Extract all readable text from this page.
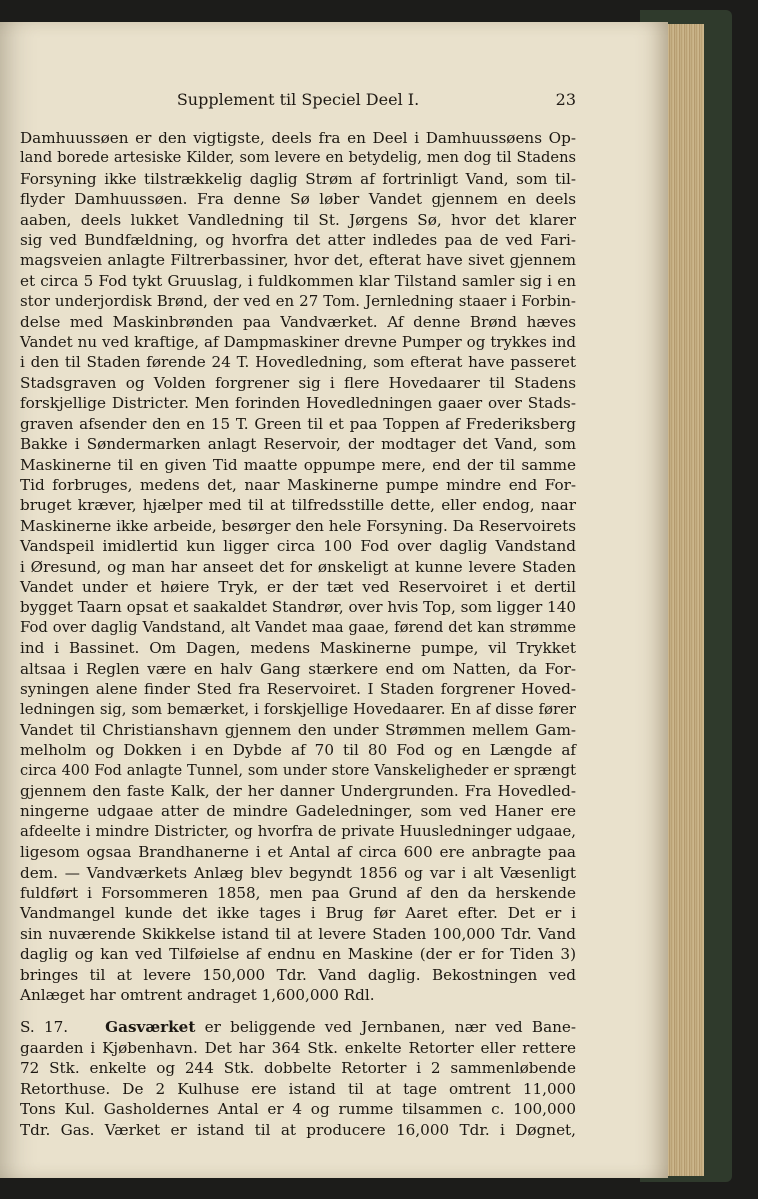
Supplement til Speciel Deel I.	23

Damhuussøen er den vigtigste, deels fra en Deel i Damhuussøens Op-
land borede artesiske Kilder, som levere en betydelig, men dog til Stadens
Forsyning ikke tilstrækkelig daglig Strøm af fortrinligt Vand, som til-
flyder Damhuussøen. Fra denne Sø løber Vandet gjennem en deels
aaben, deels lukket Vandledning til St. Jørgens Sø, hvor det klarer
sig ved Bundfældning, og hvorfra det atter indledes paa de ved Fari-
magsveien anlagte Filtrerbassiner, hvor det, efterat have sivet gjennem
et circa 5 Fod tykt Gruuslag, i fuldkommen klar Tilstand samler sig i en
stor underjordisk Brønd, der ved en 27 Tom. Jernledning staaer i Forbin-
delse med Maskinbrønden paa Vandværket. Af denne Brønd hæves
Vandet nu ved kraftige, af Dampmaskiner drevne Pumper og trykkes ind
i den til Staden førende 24 T. Hovedledning, som efterat have passeret
Stadsgraven og Volden forgrener sig i flere Hovedaarer til Stadens
forskjellige Districter. Men forinden Hovedledningen gaaer over Stads-
graven afsender den en 15 T. Green til et paa Toppen af Frederiksberg
Bakke i Søndermarken anlagt Reservoir, der modtager det Vand, som
Maskinerne til en given Tid maatte oppumpe mere, end der til samme
Tid forbruges, medens det, naar Maskinerne pumpe mindre end For-
bruget kræver, hjælper med til at tilfredsstille dette, eller endog, naar
Maskinerne ikke arbeide, besørger den hele Forsyning. Da Reservoirets
Vandspeil imidlertid kun ligger circa 100 Fod over daglig Vandstand
i Øresund, og man har anseet det for ønskeligt at kunne levere Staden
Vandet under et høiere Tryk, er der tæt ved Reservoiret i et dertil
bygget Taarn opsat et saakaldet Standrør, over hvis Top, som ligger 140
Fod over daglig Vandstand, alt Vandet maa gaae, førend det kan strømme
ind i Bassinet. Om Dagen, medens Maskinerne pumpe, vil Trykket
altsaa i Reglen være en halv Gang stærkere end om Natten, da For-
syningen alene finder Sted fra Reservoiret. I Staden forgrener Hoved-
ledningen sig, som bemærket, i forskjellige Hovedaarer. En af disse fører
Vandet til Christianshavn gjennem den under Strømmen mellem Gam-
melholm og Dokken i en Dybde af 70 til 80 Fod og en Længde af
circa 400 Fod anlagte Tunnel, som under store Vanskeligheder er sprængt
gjennem den faste Kalk, der her danner Undergrunden. Fra Hovedled-
ningerne udgaae atter de mindre Gadeledninger, som ved Haner ere
afdeelte i mindre Districter, og hvorfra de private Huusledninger udgaae,
ligesom ogsaa Brandhanerne i et Antal af circa 600 ere anbragte paa
dem. — Vandværkets Anlæg blev begyndt 1856 og var i alt Væsenligt
fuldført i Forsommeren 1858, men paa Grund af den da herskende
Vandmangel kunde det ikke tages i Brug før Aaret efter. Det er i
sin nuværende Skikkelse istand til at levere Staden 100,000 Tdr. Vand
daglig og kan ved Tilføielse af endnu en Maskine (der er for Tiden 3)
bringes til at levere 150,000 Tdr. Vand daglig. Bekostningen ved
Anlæget har omtrent andraget 1,600,000 Rdl.

S. 17. Gasværket er beliggende ved Jernbanen, nær ved Bane-
gaarden i Kjøbenhavn. Det har 364 Stk. enkelte Retorter eller rettere
72 Stk. enkelte og 244 Stk. dobbelte Retorter i 2 sammenløbende
Retorthuse. De 2 Kulhuse ere istand til at tage omtrent 11,000
Tons Kul. Gasholdernes Antal er 4 og rumme tilsammen c. 100,000
Tdr. Gas. Værket er istand til at producere 16,000 Tdr. i Døgnet,
